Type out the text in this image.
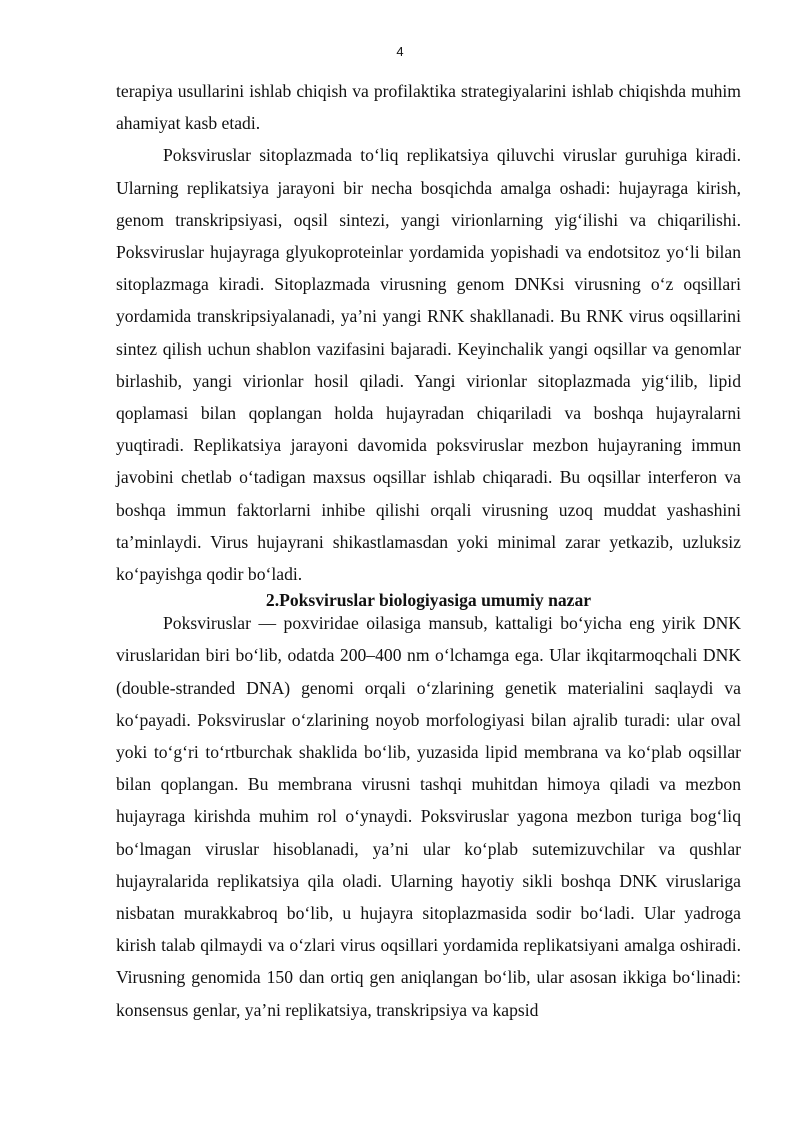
4

terapiya usullarini ishlab chiqish va profilaktika strategiyalarini ishlab chiqishda muhim ahamiyat kasb etadi.

Poksviruslar sitoplazmada to‘liq replikatsiya qiluvchi viruslar guruhiga kiradi. Ularning replikatsiya jarayoni bir necha bosqichda amalga oshadi: hujayraga kirish, genom transkripsiyasi, oqsil sintezi, yangi virionlarning yig‘ilishi va chiqarilishi. Poksviruslar hujayraga glyukoproteinlar yordamida yopishadi va endotsitoz yo‘li bilan sitoplazmaga kiradi. Sitoplazmada virusning genom DNKsi virusning o‘z oqsillari yordamida transkripsiyalanadi, ya’ni yangi RNK shakllanadi. Bu RNK virus oqsillarini sintez qilish uchun shablon vazifasini bajaradi. Keyinchalik yangi oqsillar va genomlar birlashib, yangi virionlar hosil qiladi. Yangi virionlar sitoplazmada yig‘ilib, lipid qoplamasi bilan qoplangan holda hujayradan chiqariladi va boshqa hujayralarni yuqtiradi. Replikatsiya jarayoni davomida poksviruslar mezbon hujayraning immun javobini chetlab o‘tadigan maxsus oqsillar ishlab chiqaradi. Bu oqsillar interferon va boshqa immun faktorlarni inhibe qilishi orqali virusning uzoq muddat yashashini ta’minlaydi. Virus hujayrani shikastlamasdan yoki minimal zarar yetkazib, uzluksiz ko‘payishga qodir bo‘ladi.

2.Poksviruslar biologiyasiga umumiy nazar

Poksviruslar — poxviridae oilasiga mansub, kattaligi bo‘yicha eng yirik DNK viruslaridan biri bo‘lib, odatda 200–400 nm o‘lchamga ega. Ular ikqitarmoqchali DNK (double-stranded DNA) genomi orqali o‘zlarining genetik materialini saqlaydi va ko‘payadi. Poksviruslar o‘zlarining noyob morfologiyasi bilan ajralib turadi: ular oval yoki to‘g‘ri to‘rtburchak shaklida bo‘lib, yuzasida lipid membrana va ko‘plab oqsillar bilan qoplangan. Bu membrana virusni tashqi muhitdan himoya qiladi va mezbon hujayraga kirishda muhim rol o‘ynaydi. Poksviruslar yagona mezbon turiga bog‘liq bo‘lmagan viruslar hisoblanadi, ya’ni ular ko‘plab sutemizuvchilar va qushlar hujayralarida replikatsiya qila oladi. Ularning hayotiy sikli boshqa DNK viruslariga nisbatan murakkabroq bo‘lib, u hujayra sitoplazmasida sodir bo‘ladi. Ular yadroga kirish talab qilmaydi va o‘zlari virus oqsillari yordamida replikatsiyani amalga oshiradi. Virusning genomida 150 dan ortiq gen aniqlangan bo‘lib, ular asosan ikkiga bo‘linadi: konsensus genlar, ya’ni replikatsiya, transkripsiya va kapsid
